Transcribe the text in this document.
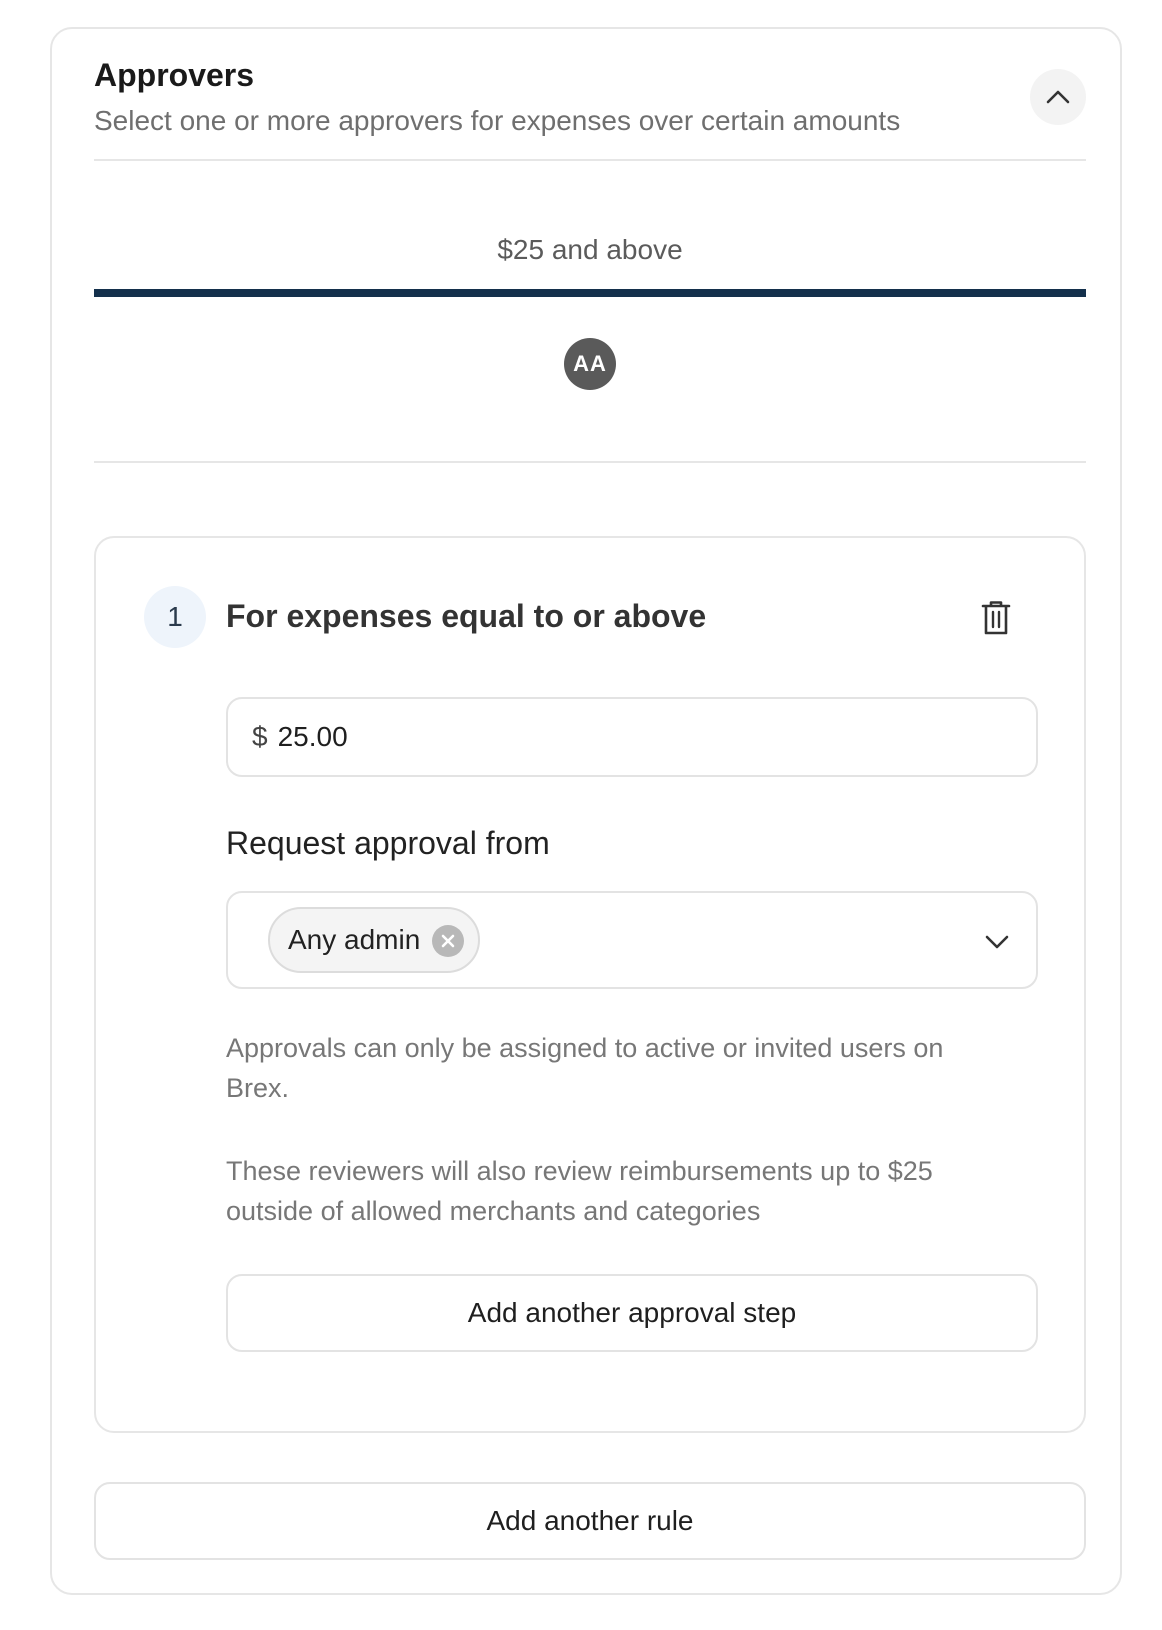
Approvers
Select one or more approvers for expenses over certain amounts
$25 and above
AA
1	For expenses equal to or above
$
25.00
Request approval from
Any admin
Approvals can only be assigned to active or invited users on Brex.
These reviewers will also review reimbursements up to $25 outside of allowed merchants and categories
Add another approval step
Add another rule
